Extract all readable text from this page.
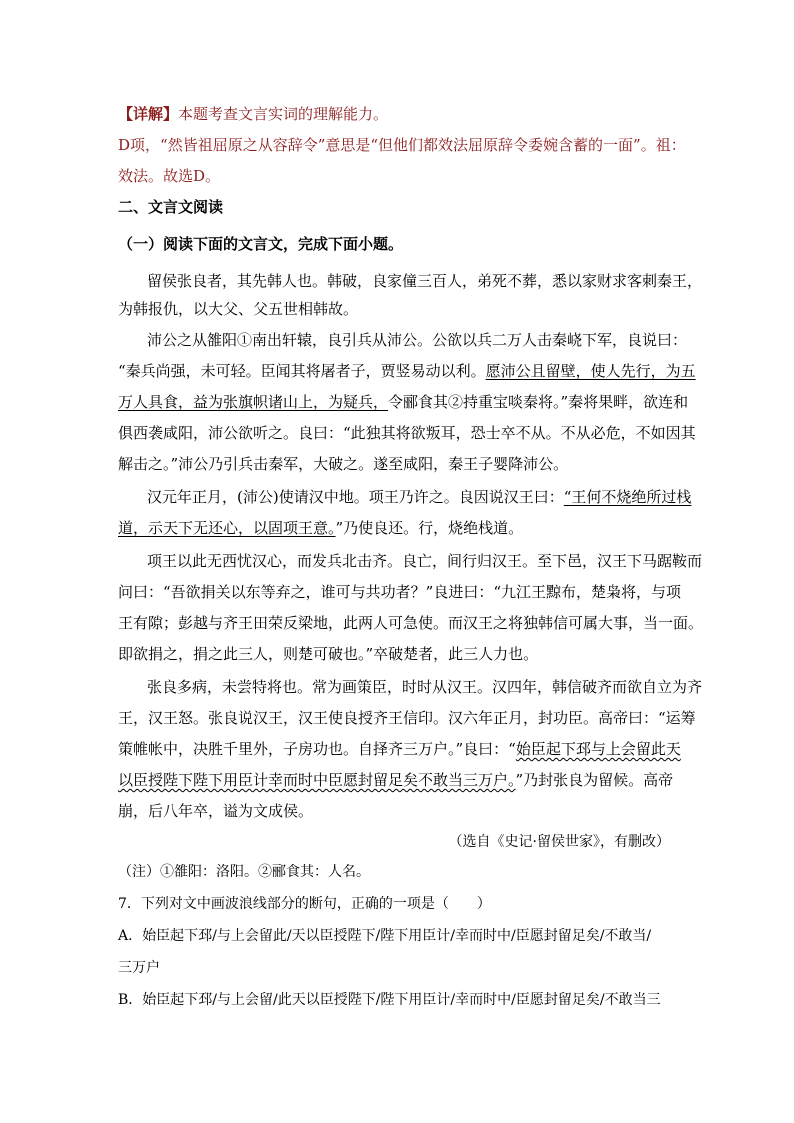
【详解】本题考查文言实词的理解能力。
D项，“然皆祖屈原之从容辞令”意思是“但他们都效法屈原辞令委婉含蓄的一面”。祖：
效法。故选D。
二、文言文阅读
（一）阅读下面的文言文，完成下面小题。
留侯张良者，其先韩人也。韩破，良家僮三百人，弟死不葬，悉以家财求客刺秦王，
为韩报仇，以大父、父五世相韩故。
沛公之从雒阳①南出轩辕，良引兵从沛公。公欲以兵二万人击秦峣下军，良说曰：
“秦兵尚强，未可轻。臣闻其将屠者子，贾竖易动以利。愿沛公且留壁，使人先行，为五
万人具食，益为张旗帜诸山上，为疑兵，令郦食其②持重宝啖秦将。”秦将果畔，欲连和
俱西袭咸阳，沛公欲听之。良曰：“此独其将欲叛耳，恐士卒不从。不从必危，不如因其
解击之。”沛公乃引兵击秦军，大破之。遂至咸阳，秦王子婴降沛公。
汉元年正月，(沛公)使请汉中地。项王乃许之。良因说汉王曰：“王何不烧绝所过栈
道，示天下无还心，以固项王意。”乃使良还。行，烧绝栈道。
项王以此无西忧汉心，而发兵北击齐。良亡，间行归汉王。至下邑，汉王下马踞鞍而
问曰：“吾欲捐关以东等弃之，谁可与共功者？”良进曰：“九江王黥布，楚枭将，与项
王有隙；彭越与齐王田荣反梁地，此两人可急使。而汉王之将独韩信可属大事，当一面。
即欲捐之，捐之此三人，则楚可破也。”卒破楚者，此三人力也。
张良多病，未尝特将也。常为画策臣，时时从汉王。汉四年，韩信破齐而欲自立为齐
王，汉王怒。张良说汉王，汉王使良授齐王信印。汉六年正月，封功臣。高帝曰：“运筹
策帷帐中，决胜千里外，子房功也。自择齐三万户。”良曰：“始臣起下邳与上会留此天
以臣授陛下陛下用臣计幸而时中臣愿封留足矣不敢当三万户。”乃封张良为留候。高帝
崩，后八年卒，谥为文成侯。
（选自《史记·留侯世家》，有删改）
（注）①雒阳：洛阳。②郦食其：人名。
7．下列对文中画波浪线部分的断句，正确的一项是（　　）
A．始臣起下邳/与上会留此/天以臣授陛下/陛下用臣计/幸而时中/臣愿封留足矣/不敢当/
三万户
B．始臣起下邳/与上会留/此天以臣授陛下/陛下用臣计/幸而时中/臣愿封留足矣/不敢当三
